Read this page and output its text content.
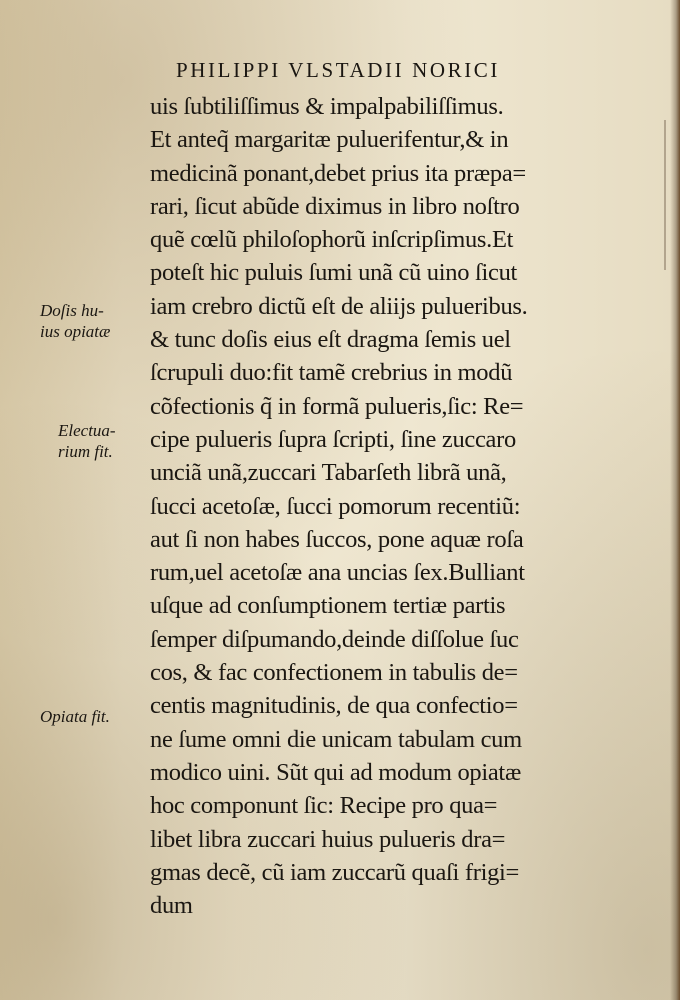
PHILIPPI VLSTADII NORICI
uis ſubtiliſſimus & impalpabiliſſimus.
Et anteq̃ margaritæ puluerifentur,& in
medicinã ponant,debet prius ita præpa=
rari, ſicut abũde diximus in libro noſtro
quẽ cœlũ philoſophorũ inſcripſimus.Et
poteſt hic puluis ſumi unã cũ uino ſicut
iam crebro dictũ eſt de aliĳs pulueribus.
& tunc doſis eius eſt dragma ſemis uel
ſcrupuli duo:fit tamẽ crebrius in modũ
cõfectionis q̃ in formã pulueris,ſic: Re=
cipe pulueris ſupra ſcripti, ſine zuccaro
unciã unã,zuccari Tabarſeth librã unã,
ſucci acetoſæ, ſucci pomorum recentiũ:
aut ſi non habes ſuccos, pone aquæ roſa
rum,uel acetoſæ ana uncias ſex.Bulliant
uſque ad conſumptionem tertiæ partis
ſemper diſpumando,deinde diſſolue ſuc
cos, & fac confectionem in tabulis de=
centis magnitudinis, de qua confectio=
ne ſume omni die unicam tabulam cum
modico uini. Sũt qui ad modum opiatæ
hoc componunt ſic: Recipe pro qua=
libet libra zuccari huius pulueris dra=
gmas decẽ, cũ iam zuccarũ quaſi frigi=
dum
Doſis hu-
ius opiatæ
Electua-
rium fit.
Opiata fit.
